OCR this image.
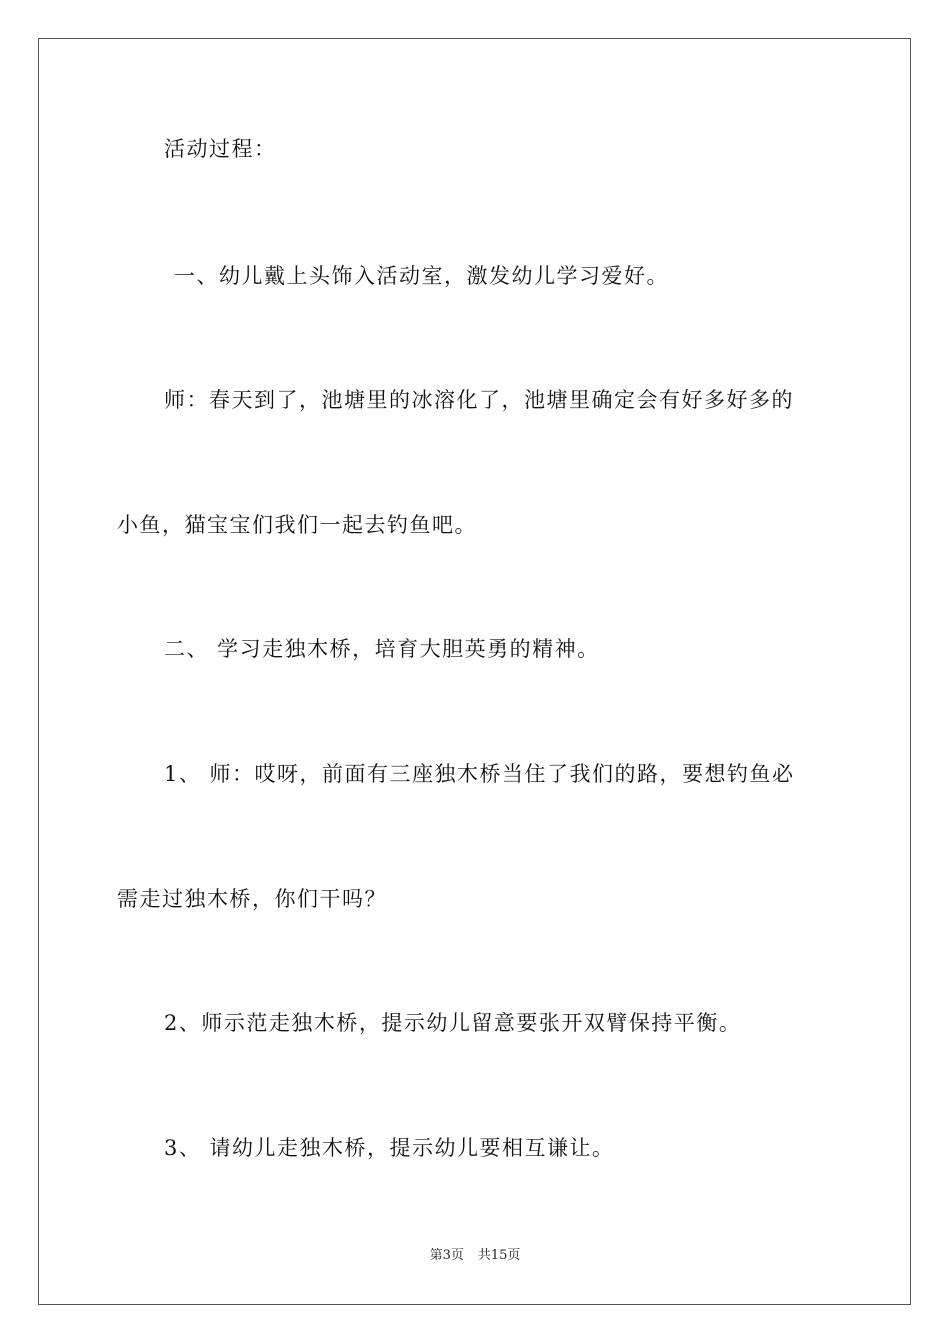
活动过程：
一、幼儿戴上头饰入活动室，激发幼儿学习爱好。
师：春天到了，池塘里的冰溶化了，池塘里确定会有好多好多的
小鱼，猫宝宝们我们一起去钓鱼吧。
二、 学习走独木桥，培育大胆英勇的精神。
1、 师：哎呀，前面有三座独木桥当住了我们的路，要想钓鱼必
需走过独木桥，你们干吗？
2、师示范走独木桥，提示幼儿留意要张开双臂保持平衡。
3、 请幼儿走独木桥，提示幼儿要相互谦让。
第3页 共15页
